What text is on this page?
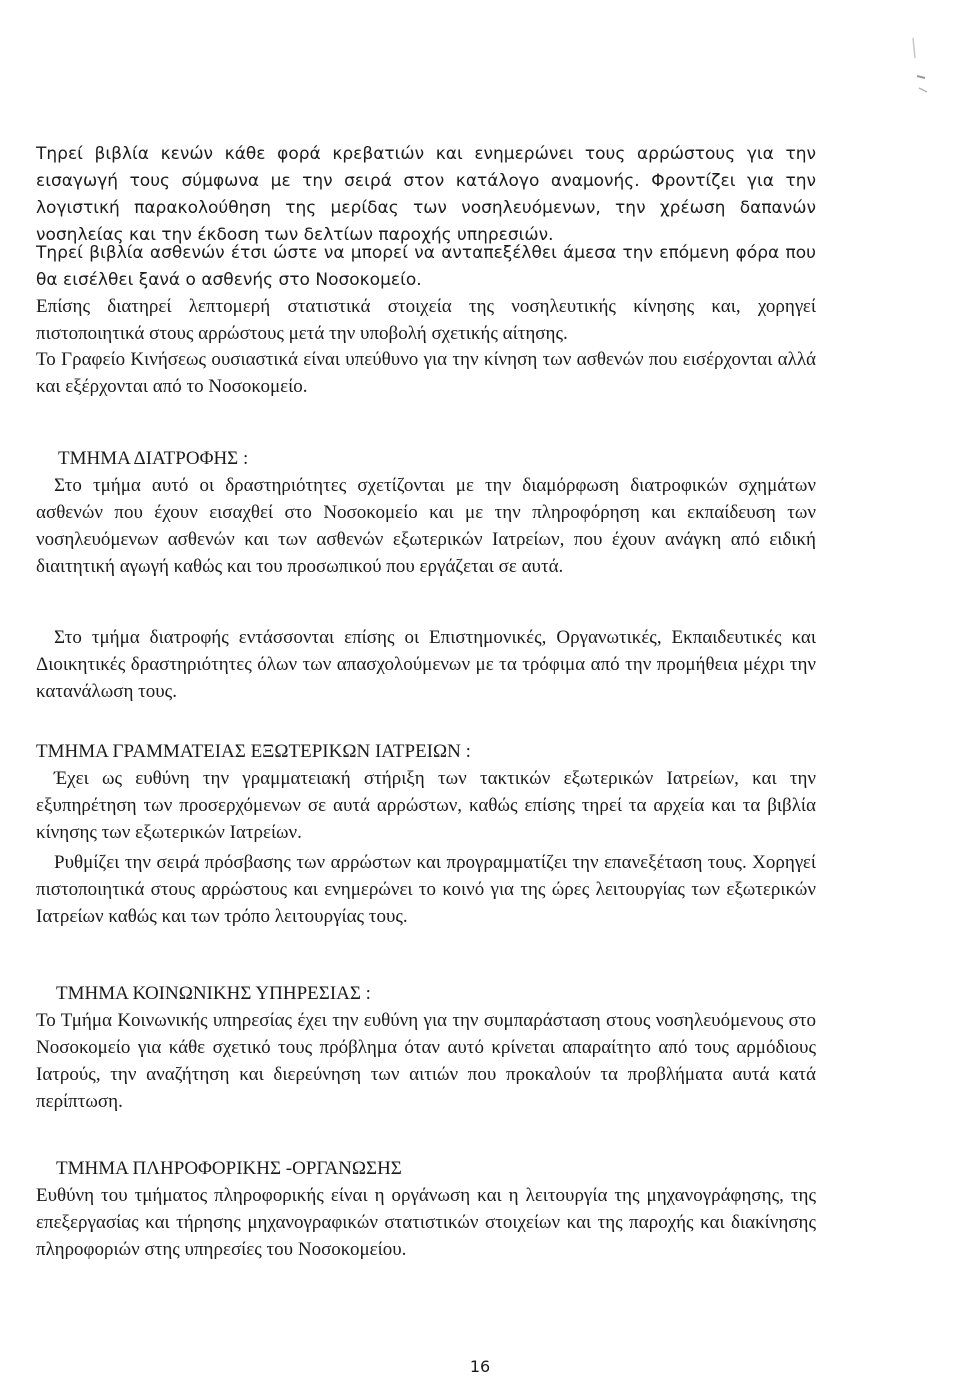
Τηρεί βιβλία κενών κάθε φορά κρεβατιών και ενημερώνει τους αρρώστους για την εισαγωγή τους σύμφωνα με την σειρά στον κατάλογο αναμονής. Φροντίζει για την λογιστική παρακολούθηση της μερίδας των νοσηλευόμενων, την χρέωση δαπανών νοσηλείας και την έκδοση των δελτίων παροχής υπηρεσιών.
Τηρεί βιβλία ασθενών έτσι ώστε να μπορεί να ανταπεξέλθει άμεσα την επόμενη φόρα που θα εισέλθει ξανά ο ασθενής στο Νοσοκομείο.
Επίσης διατηρεί λεπτομερή στατιστικά στοιχεία της νοσηλευτικής κίνησης και, χορηγεί πιστοποιητικά στους αρρώστους μετά την υποβολή σχετικής αίτησης.
Το Γραφείο Κινήσεως ουσιαστικά είναι υπεύθυνο για την κίνηση των ασθενών που εισέρχονται αλλά και εξέρχονται από το Νοσοκομείο.
ΤΜΗΜΑ ΔΙΑΤΡΟΦΗΣ :
Στο τμήμα αυτό οι δραστηριότητες σχετίζονται με την διαμόρφωση διατροφικών σχημάτων ασθενών που έχουν εισαχθεί στο Νοσοκομείο και με την πληροφόρηση και εκπαίδευση των νοσηλευόμενων ασθενών και των ασθενών εξωτερικών Ιατρείων, που έχουν ανάγκη από ειδική διαιτητική αγωγή καθώς και του προσωπικού που εργάζεται σε αυτά.
Στο τμήμα διατροφής εντάσσονται επίσης οι Επιστημονικές, Οργανωτικές, Εκπαιδευτικές και Διοικητικές δραστηριότητες όλων των απασχολούμενων με τα τρόφιμα από την προμήθεια μέχρι την κατανάλωση τους.
ΤΜΗΜΑ ΓΡΑΜΜΑΤΕΙΑΣ ΕΞΩΤΕΡΙΚΩΝ ΙΑΤΡΕΙΩΝ :
Έχει ως ευθύνη την γραμματειακή στήριξη των τακτικών εξωτερικών Ιατρείων, και την εξυπηρέτηση των προσερχόμενων σε αυτά αρρώστων, καθώς επίσης τηρεί τα αρχεία και τα βιβλία κίνησης των εξωτερικών Ιατρείων.
Ρυθμίζει την σειρά πρόσβασης των αρρώστων και προγραμματίζει την επανεξέταση τους. Χορηγεί πιστοποιητικά στους αρρώστους και ενημερώνει το κοινό για της ώρες λειτουργίας των εξωτερικών Ιατρείων καθώς και των τρόπο λειτουργίας τους.
ΤΜΗΜΑ ΚΟΙΝΩΝΙΚΗΣ ΥΠΗΡΕΣΙΑΣ :
Το Τμήμα Κοινωνικής υπηρεσίας έχει την ευθύνη για την συμπαράσταση στους νοσηλευόμενους στο Νοσοκομείο για κάθε σχετικό τους πρόβλημα όταν αυτό κρίνεται απαραίτητο από τους αρμόδιους Ιατρούς, την αναζήτηση και διερεύνηση των αιτιών που προκαλούν τα προβλήματα αυτά κατά περίπτωση.
ΤΜΗΜΑ ΠΛΗΡΟΦΟΡΙΚΗΣ -ΟΡΓΑΝΩΣΗΣ
Ευθύνη του τμήματος πληροφορικής είναι η οργάνωση και η λειτουργία της μηχανογράφησης, της επεξεργασίας και τήρησης μηχανογραφικών στατιστικών στοιχείων και της παροχής και διακίνησης πληροφοριών στης υπηρεσίες του Νοσοκομείου.
16
